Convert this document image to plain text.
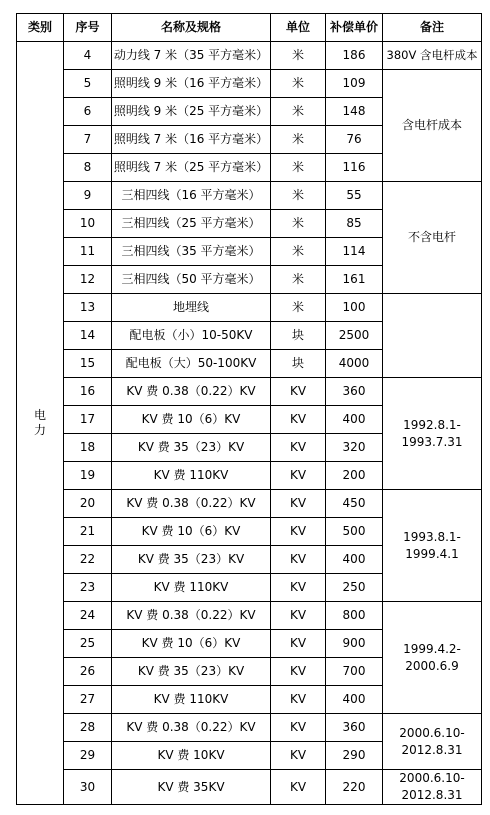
类别	序号	名称及规格	单位	补偿单价	备注
电力	4	动力线 7 米（35 平方毫米）	米	186	380V 含电杆成本
	5	照明线 9 米（16 平方毫米）	米	109	含电杆成本
	6	照明线 9 米（25 平方毫米）	米	148	
	7	照明线 7 米（16 平方毫米）	米	76	
	8	照明线 7 米（25 平方毫米）	米	116	
	9	三相四线（16 平方毫米）	米	55	不含电杆
	10	三相四线（25 平方毫米）	米	85	
	11	三相四线（35 平方毫米）	米	114	
	12	三相四线（50 平方毫米）	米	161	
	13	地埋线	米	100	
	14	配电板（小）10-50KV	块	2500	
	15	配电板（大）50-100KV	块	4000	
	16	KV 费 0.38（0.22）KV	KV	360	1992.8.1-1993.7.31
	17	KV 费 10（6）KV	KV	400	
	18	KV 费 35（23）KV	KV	320	
	19	KV 费 110KV	KV	200	
	20	KV 费 0.38（0.22）KV	KV	450	1993.8.1-1999.4.1
	21	KV 费 10（6）KV	KV	500	
	22	KV 费 35（23）KV	KV	400	
	23	KV 费 110KV	KV	250	
	24	KV 费 0.38（0.22）KV	KV	800	1999.4.2-2000.6.9
	25	KV 费 10（6）KV	KV	900	
	26	KV 费 35（23）KV	KV	700	
	27	KV 费 110KV	KV	400	
	28	KV 费 0.38（0.22）KV	KV	360	2000.6.10-2012.8.31
	29	KV 费 10KV	KV	290	
	30	KV 费 35KV	KV	220	2000.6.10-2012.8.31
